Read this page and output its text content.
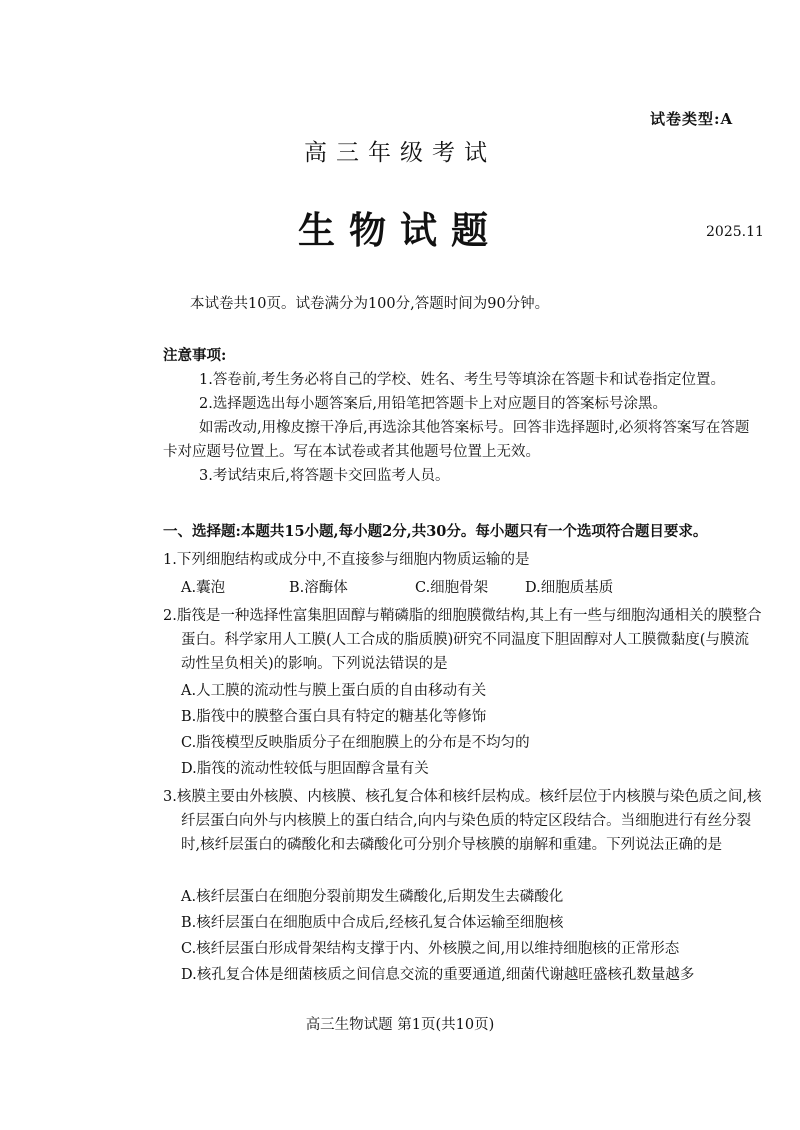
试卷类型:A
高三年级考试
生物试题	2025.11
本试卷共10页。试卷满分为100分,答题时间为90分钟。
注意事项:
1.答卷前,考生务必将自己的学校、姓名、考生号等填涂在答题卡和试卷指定位置。
2.选择题选出每小题答案后,用铅笔把答题卡上对应题目的答案标号涂黑。
如需改动,用橡皮擦干净后,再选涂其他答案标号。回答非选择题时,必须将答案写在答题卡对应题号位置上。写在本试卷或者其他题号位置上无效。
3.考试结束后,将答题卡交回监考人员。
一、选择题:本题共15小题,每小题2分,共30分。每小题只有一个选项符合题目要求。
1.下列细胞结构或成分中,不直接参与细胞内物质运输的是
A.囊泡	B.溶酶体	C.细胞骨架	D.细胞质基质
2.脂筏是一种选择性富集胆固醇与鞘磷脂的细胞膜微结构,其上有一些与细胞沟通相关的膜整合蛋白。科学家用人工膜(人工合成的脂质膜)研究不同温度下胆固醇对人工膜微黏度(与膜流动性呈负相关)的影响。下列说法错误的是
A.人工膜的流动性与膜上蛋白质的自由移动有关
B.脂筏中的膜整合蛋白具有特定的糖基化等修饰
C.脂筏模型反映脂质分子在细胞膜上的分布是不均匀的
D.脂筏的流动性较低与胆固醇含量有关
3.核膜主要由外核膜、内核膜、核孔复合体和核纤层构成。核纤层位于内核膜与染色质之间,核纤层蛋白向外与内核膜上的蛋白结合,向内与染色质的特定区段结合。当细胞进行有丝分裂时,核纤层蛋白的磷酸化和去磷酸化可分别介导核膜的崩解和重建。下列说法正确的是
A.核纤层蛋白在细胞分裂前期发生磷酸化,后期发生去磷酸化
B.核纤层蛋白在细胞质中合成后,经核孔复合体运输至细胞核
C.核纤层蛋白形成骨架结构支撑于内、外核膜之间,用以维持细胞核的正常形态
D.核孔复合体是细菌核质之间信息交流的重要通道,细菌代谢越旺盛核孔数量越多
高三生物试题 第1页(共10页)
